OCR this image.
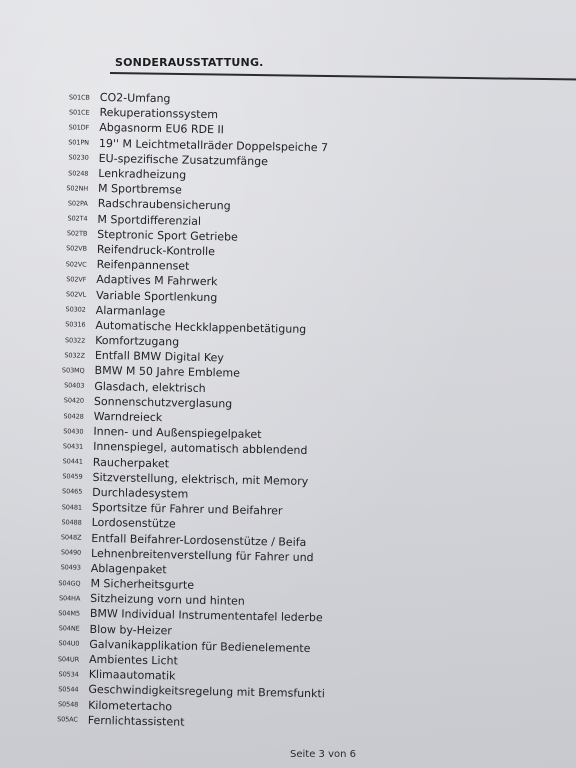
SONDERAUSSTATTUNG.
S01CB CO2-Umfang
S01CE Rekuperationssystem
S01DF Abgasnorm EU6 RDE II
S01PN 19'' M Leichtmetallräder Doppelspeiche 7
S0230 EU-spezifische Zusatzumfänge
S0248 Lenkradheizung
S02NH M Sportbremse
S02PA Radschraubensicherung
S02T4 M Sportdifferenzial
S02TB Steptronic Sport Getriebe
S02VB Reifendruck-Kontrolle
S02VC Reifenpannenset
S02VF Adaptives M Fahrwerk
S02VL Variable Sportlenkung
S0302 Alarmanlage
S0316 Automatische Heckklappenbetätigung
S0322 Komfortzugang
S032Z Entfall BMW Digital Key
S03MQ BMW M 50 Jahre Embleme
S0403 Glasdach, elektrisch
S0420 Sonnenschutzverglasung
S0428 Warndreieck
S0430 Innen- und Außenspiegelpaket
S0431 Innenspiegel, automatisch abblendend
S0441 Raucherpaket
S0459 Sitzverstellung, elektrisch, mit Memory
S0465 Durchladesystem
S0481 Sportsitze für Fahrer und Beifahrer
S0488 Lordosenstütze
S048Z Entfall Beifahrer-Lordosenstütze / Beifa
S0490 Lehnenbreitenverstellung für Fahrer und
S0493 Ablagenpaket
S04GQ M Sicherheitsgurte
S04HA Sitzheizung vorn und hinten
S04M5 BMW Individual Instrumententafel lederbe
S04NE Blow by-Heizer
S04U0 Galvanikapplikation für Bedienelemente
S04UR Ambientes Licht
S0534 Klimaautomatik
S0544 Geschwindigkeitsregelung mit Bremsfunkti
S0548 Kilometertacho
S05AC Fernlichtassistent
Seite 3 von 6
